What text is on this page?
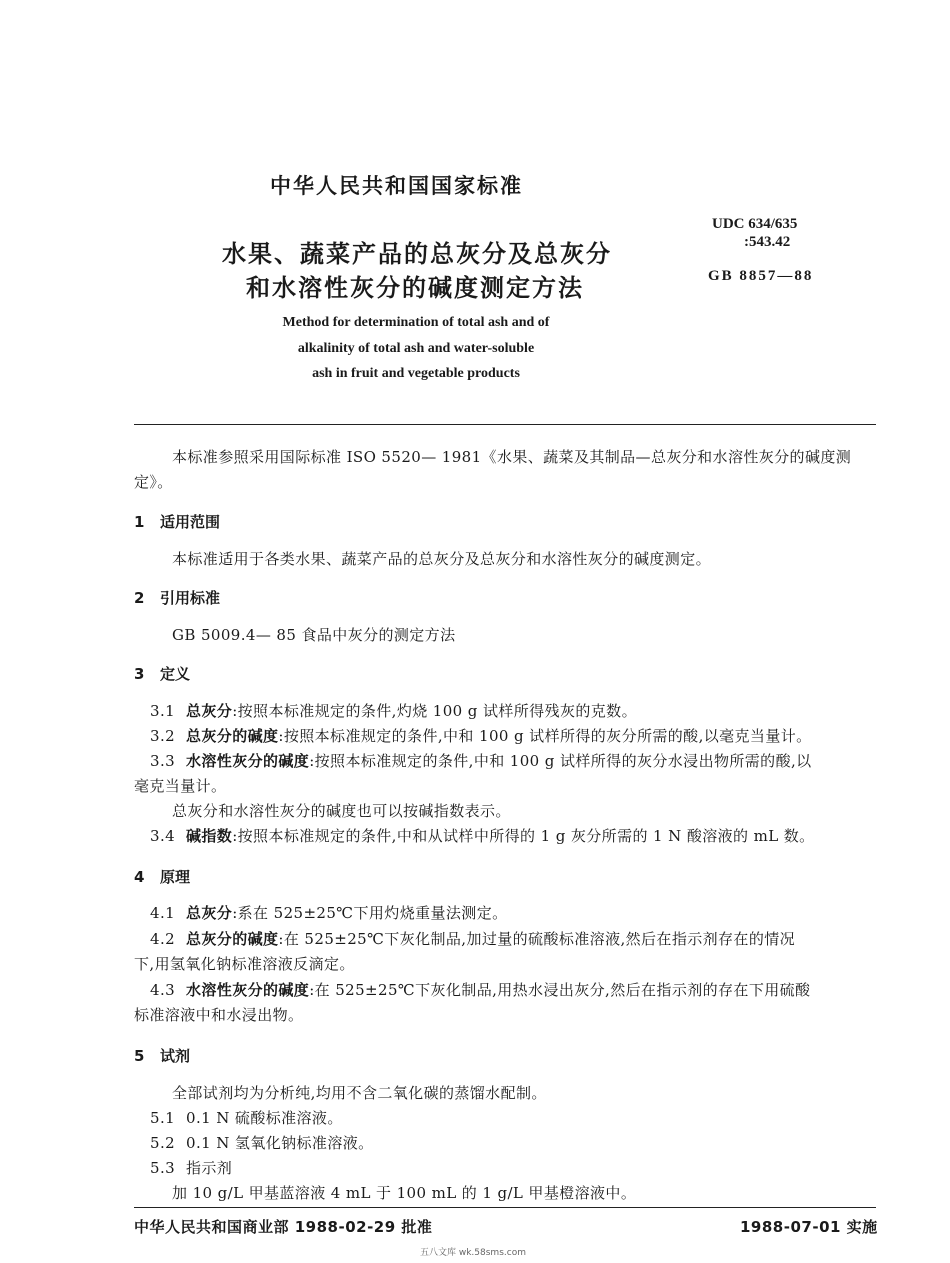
中华人民共和国国家标准
水果、蔬菜产品的总灰分及总灰分
和水溶性灰分的碱度测定方法
Method for determination of total ash and of
alkalinity of total ash and water-soluble
ash in fruit and vegetable products
UDC 634/635
:543.42
GB 8857—88
本标准参照采用国际标准 ISO 5520— 1981《水果、蔬菜及其制品—总灰分和水溶性灰分的碱度测
定》。
1 适用范围
本标准适用于各类水果、蔬菜产品的总灰分及总灰分和水溶性灰分的碱度测定。
2 引用标准
GB 5009.4— 85 食品中灰分的测定方法
3 定义
3.1 总灰分:按照本标准规定的条件,灼烧 100 g 试样所得残灰的克数。
3.2 总灰分的碱度:按照本标准规定的条件,中和 100 g 试样所得的灰分所需的酸,以毫克当量计。
3.3 水溶性灰分的碱度:按照本标准规定的条件,中和 100 g 试样所得的灰分水浸出物所需的酸,以
毫克当量计。
总灰分和水溶性灰分的碱度也可以按碱指数表示。
3.4 碱指数:按照本标准规定的条件,中和从试样中所得的 1 g 灰分所需的 1 N 酸溶液的 mL 数。
4 原理
4.1 总灰分:系在 525±25℃下用灼烧重量法测定。
4.2 总灰分的碱度:在 525±25℃下灰化制品,加过量的硫酸标准溶液,然后在指示剂存在的情况
下,用氢氧化钠标准溶液反滴定。
4.3 水溶性灰分的碱度:在 525±25℃下灰化制品,用热水浸出灰分,然后在指示剂的存在下用硫酸
标准溶液中和水浸出物。
5 试剂
全部试剂均为分析纯,均用不含二氧化碳的蒸馏水配制。
5.1 0.1 N 硫酸标准溶液。
5.2 0.1 N 氢氧化钠标准溶液。
5.3 指示剂
加 10 g/L 甲基蓝溶液 4 mL 于 100 mL 的 1 g/L 甲基橙溶液中。
中华人民共和国商业部 1988-02-29 批准	1988-07-01 实施
五八文库 wk.58sms.com
